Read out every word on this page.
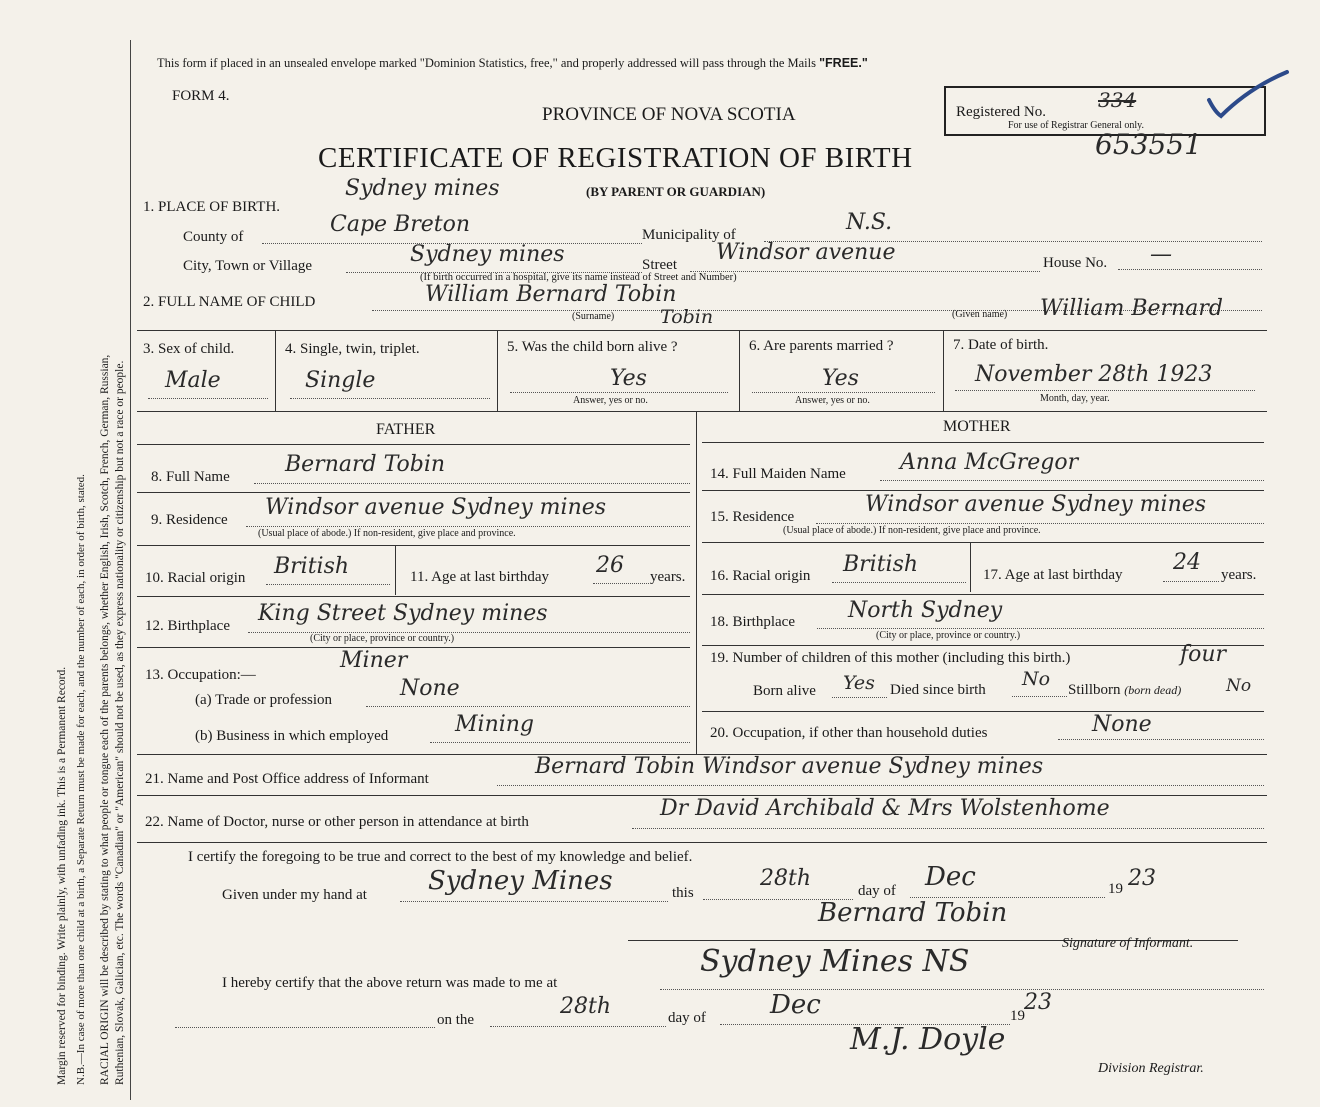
Margin reserved for binding. Write plainly, with unfading ink. This is a Permanent Record. N.B.—In case of more than one child at a birth, a Separate Return must be made for each, and the number of each, in order of birth, stated. RACIAL ORIGIN will be described by stating to what people or tongue each of the parents belongs, whether English, Irish, Scotch, French, German, Russian, Ruthenian, Slovak, Galician, etc. The words "Canadian" or "American" should not be used, as they express nationality or citizenship but not a race or people.
This form if placed in an unsealed envelope marked "Dominion Statistics, free," and properly addressed will pass through the Mails "FREE."
FORM 4.
PROVINCE OF NOVA SCOTIA
CERTIFICATE OF REGISTRATION OF BIRTH
(BY PARENT OR GUARDIAN)
Registered No.	334
For use of Registrar General only.
653551
1. PLACE OF BIRTH.
Sydney mines
County of	Cape Breton	Municipality of	N.S.
City, Town or Village	Sydney mines	Street Windsor avenue	House No. —
(If birth occurred in a hospital, give its name instead of Street and Number)
2. FULL NAME OF CHILD	William Bernard Tobin
(Surname) Tobin	(Given name) William Bernard
3. Sex of child.
Male
4. Single, twin, triplet.
Single
5. Was the child born alive ?
Yes
Answer, yes or no.
6. Are parents married ?
Yes
Answer, yes or no.
7. Date of birth.
November 28th 1923
Month, day, year.
FATHER	MOTHER
8. Full Name	Bernard Tobin
9. Residence Windsor avenue Sydney mines
(Usual place of abode.) If non-resident, give place and province.
10. Racial origin British	11. Age at last birthday 26 years.
12. Birthplace King Street Sydney mines
(City or place, province or country.)
13. Occupation:—
Miner
(a) Trade or profession	None
(b) Business in which employed	Mining
14. Full Maiden Name Anna McGregor
15. Residence	Windsor avenue Sydney mines
(Usual place of abode.) If non-resident, give place and province.
16. Racial origin British	17. Age at last birthday 24 years.
18. Birthplace North Sydney
(City or place, province or country.)
19. Number of children of this mother (including this birth.)	four
Born alive Yes Died since birth No Stillborn (born dead)	No
20. Occupation, if other than household duties	None
21. Name and Post Office address of Informant	Bernard Tobin Windsor avenue Sydney mines
22. Name of Doctor, nurse or other person in attendance at birth
Dr David Archibald & Mrs Wolstenhome
I certify the foregoing to be true and correct to the best of my knowledge and belief.
Given under my hand at Sydney Mines	this
28th	day of Dec	19 23
Bernard Tobin
Signature of Informant.
I hereby certify that the above return was made to me at
Sydney Mines NS
on the
28th	day of Dec	19
23
M.J. Doyle
Division Registrar.
